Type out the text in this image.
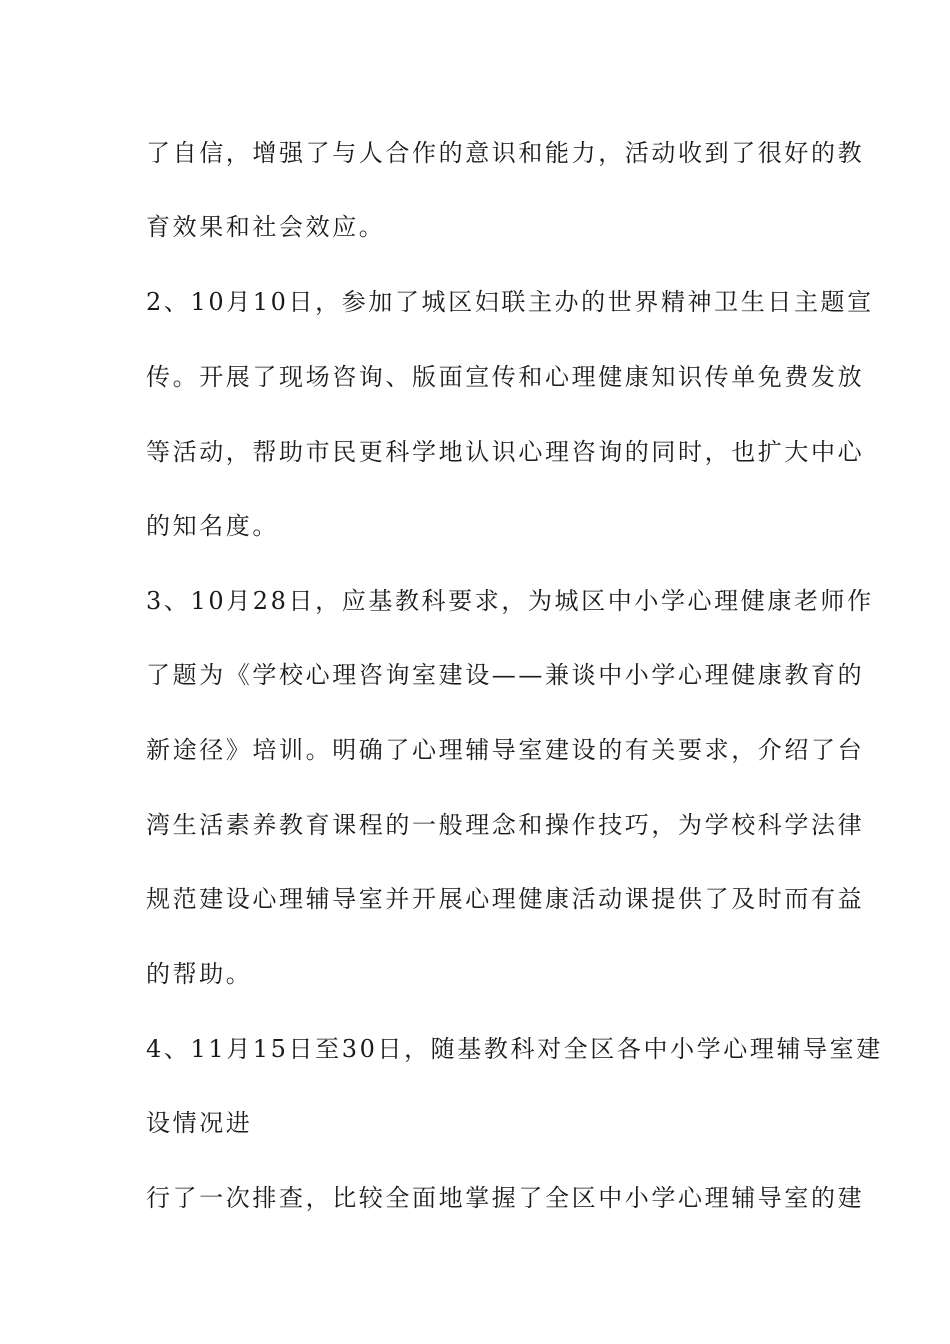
了自信，增强了与人合作的意识和能力，活动收到了很好的教
育效果和社会效应。
2、10月10日，参加了城区妇联主办的世界精神卫生日主题宣
传。开展了现场咨询、版面宣传和心理健康知识传单免费发放
等活动，帮助市民更科学地认识心理咨询的同时，也扩大中心
的知名度。
3、10月28日，应基教科要求，为城区中小学心理健康老师作
了题为《学校心理咨询室建设——兼谈中小学心理健康教育的
新途径》培训。明确了心理辅导室建设的有关要求，介绍了台
湾生活素养教育课程的一般理念和操作技巧，为学校科学法律
规范建设心理辅导室并开展心理健康活动课提供了及时而有益
的帮助。
4、11月15日至30日，随基教科对全区各中小学心理辅导室建
设情况进
行了一次排查，比较全面地掌握了全区中小学心理辅导室的建
